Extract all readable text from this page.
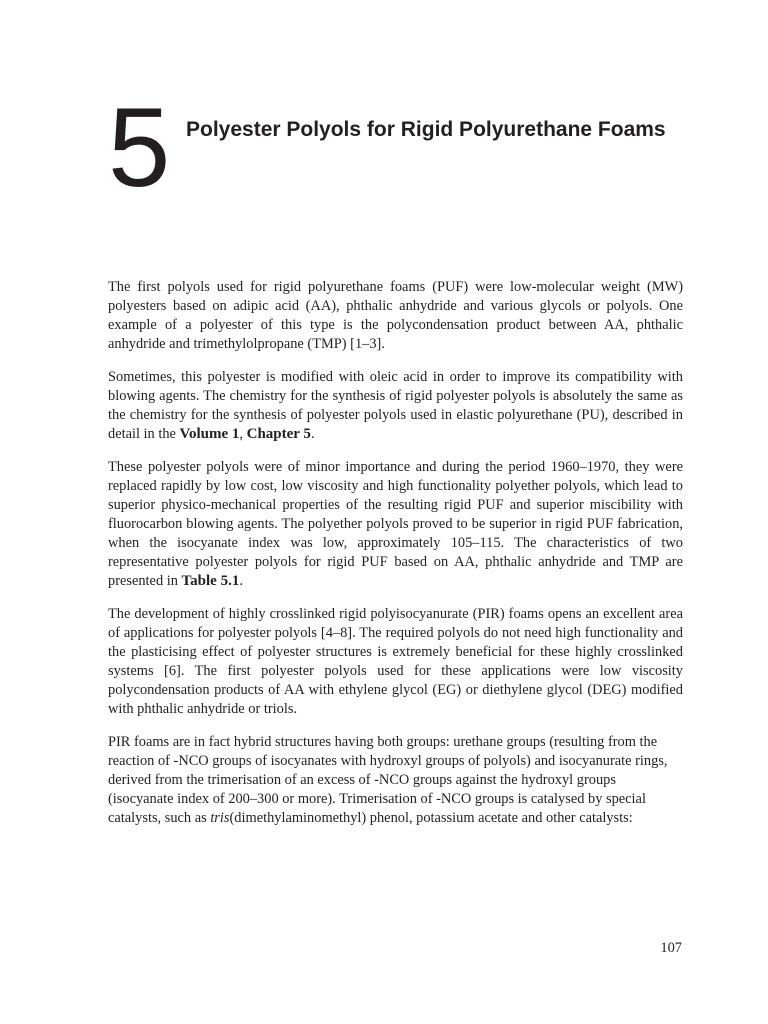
5 Polyester Polyols for Rigid Polyurethane Foams

The first polyols used for rigid polyurethane foams (PUF) were low-molecular weight (MW) polyesters based on adipic acid (AA), phthalic anhydride and various glycols or polyols. One example of a polyester of this type is the polycondensation product between AA, phthalic anhydride and trimethylolpropane (TMP) [1–3].

Sometimes, this polyester is modified with oleic acid in order to improve its compatibility with blowing agents. The chemistry for the synthesis of rigid polyester polyols is absolutely the same as the chemistry for the synthesis of polyester polyols used in elastic polyurethane (PU), described in detail in the Volume 1, Chapter 5.

These polyester polyols were of minor importance and during the period 1960–1970, they were replaced rapidly by low cost, low viscosity and high functionality polyether polyols, which lead to superior physico-mechanical properties of the resulting rigid PUF and superior miscibility with fluorocarbon blowing agents. The polyether polyols proved to be superior in rigid PUF fabrication, when the isocyanate index was low, approximately 105–115. The characteristics of two representative polyester polyols for rigid PUF based on AA, phthalic anhydride and TMP are presented in Table 5.1.

The development of highly crosslinked rigid polyisocyanurate (PIR) foams opens an excellent area of applications for polyester polyols [4–8]. The required polyols do not need high functionality and the plasticising effect of polyester structures is extremely beneficial for these highly crosslinked systems [6]. The first polyester polyols used for these applications were low viscosity polycondensation products of AA with ethylene glycol (EG) or diethylene glycol (DEG) modified with phthalic anhydride or triols.

PIR foams are in fact hybrid structures having both groups: urethane groups (resulting from the reaction of -NCO groups of isocyanates with hydroxyl groups of polyols) and isocyanurate rings, derived from the trimerisation of an excess of -NCO groups against the hydroxyl groups (isocyanate index of 200–300 or more). Trimerisation of -NCO groups is catalysed by special catalysts, such as tris(dimethylaminomethyl) phenol, potassium acetate and other catalysts:

107
